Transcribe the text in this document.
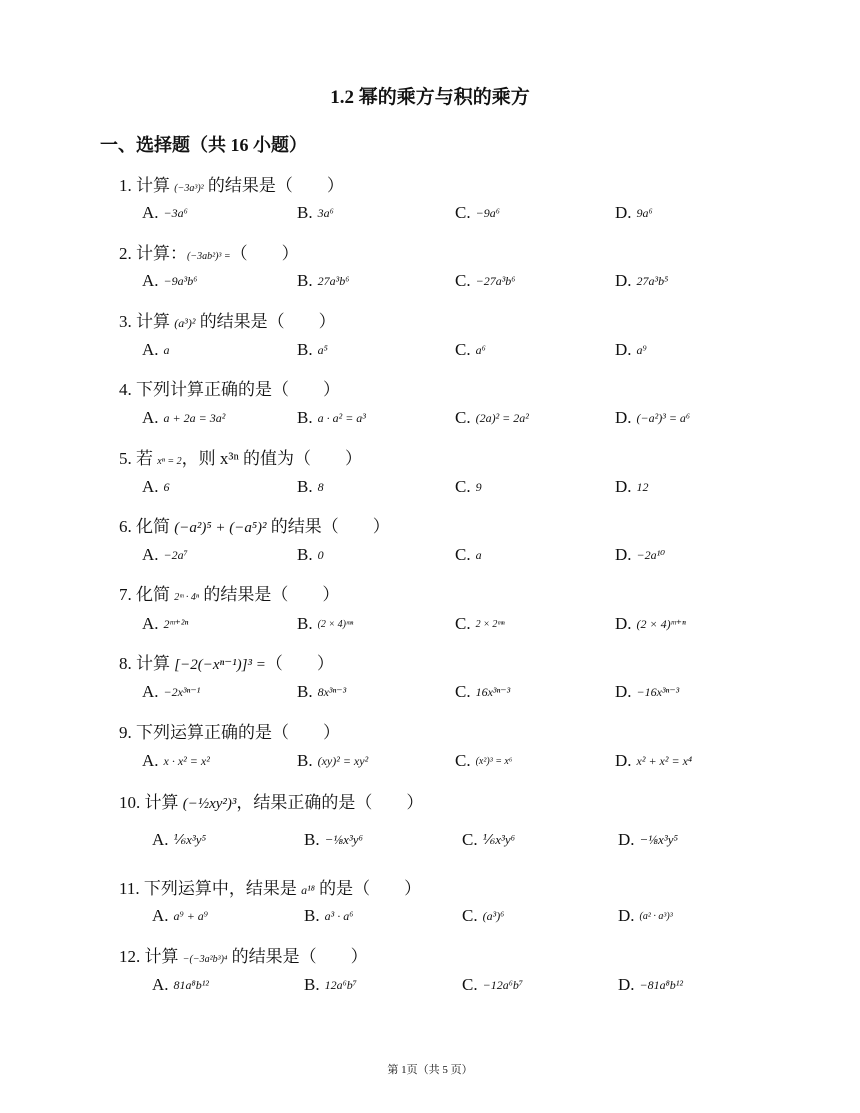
1.2 幂的乘方与积的乘方
一、选择题（共 16 小题）
1. 计算 (−3a³)² 的结果是（　　）
A. −3a⁶	B. 3a⁶	C. −9a⁶	D. 9a⁶
2. 计算：(−3ab²)³ =（　　）
A. −9a³b⁶	B. 27a³b⁶	C. −27a³b⁶	D. 27a³b⁵
3. 计算 (a³)² 的结果是（　　）
A. a	B. a⁵	C. a⁶	D. a⁹
4. 下列计算正确的是（　　）
A. a + 2a = 3a²	B. a · a² = a³	C. (2a)² = 2a²	D. (−a²)³ = a⁶
5. 若 xⁿ = 2，则 x³ⁿ 的值为（　　）
A. 6	B. 8	C. 9	D. 12
6. 化简 (−a²)⁵ + (−a⁵)² 的结果（　　）
A. −2a⁷	B. 0	C. a	D. −2a¹⁰
7. 化简 2ᵐ · 4ⁿ 的结果是（　　）
A. 2ᵐ⁺²ⁿ	B. (2 × 4)ᵐⁿ	C. 2 × 2ᵐⁿ	D. (2 × 4)ᵐ⁺ⁿ
8. 计算 [−2(−xⁿ⁻¹)]³ =（　　）
A. −2x³ⁿ⁻¹	B. 8x³ⁿ⁻³	C. 16x³ⁿ⁻³	D. −16x³ⁿ⁻³
9. 下列运算正确的是（　　）
A. x · x² = x²	B. (xy)² = xy²	C. (x²)³ = x⁶	D. x² + x² = x⁴
10. 计算 (−½xy²)³，结果正确的是（　　）
A. ⅙x³y⁵	B. −⅛x³y⁶	C. ⅙x³y⁶	D. −⅛x³y⁵
11. 下列运算中，结果是 a¹⁸ 的是（　　）
A. a⁹ + a⁹	B. a³ · a⁶	C. (a³)⁶	D. (a² · a³)³
12. 计算 −(−3a²b³)⁴ 的结果是（　　）
A. 81a⁸b¹²	B. 12a⁶b⁷	C. −12a⁶b⁷	D. −81a⁸b¹²
第 1页（共 5 页）
